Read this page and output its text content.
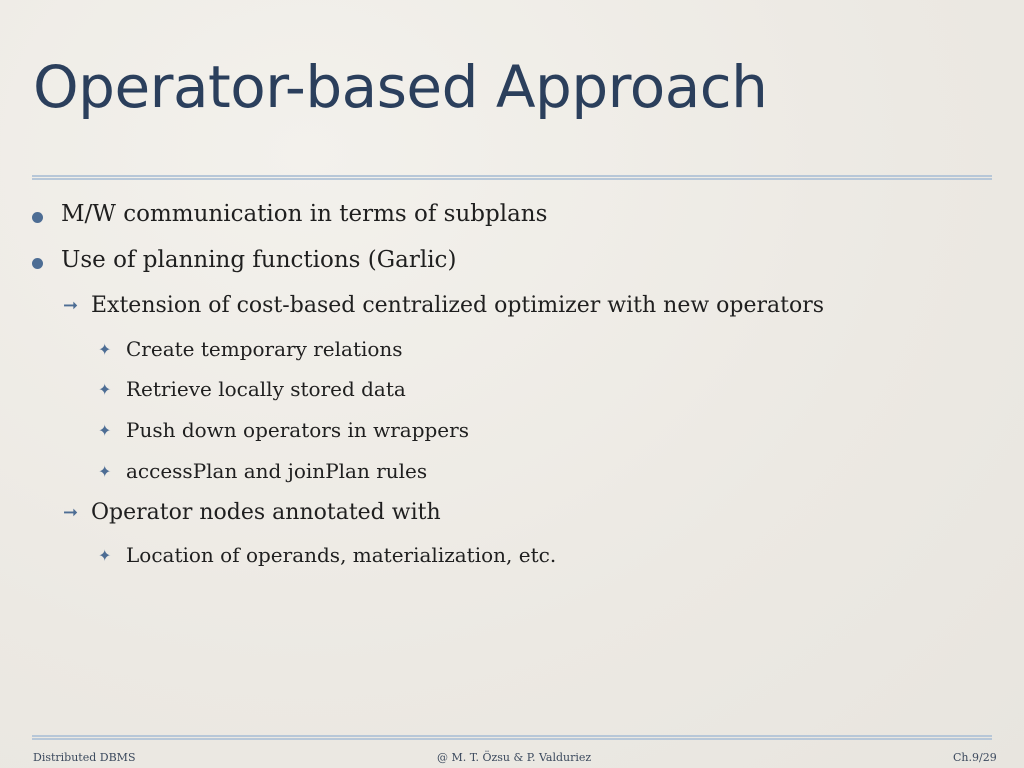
Operator-based Approach
M/W communication in terms of subplans
Use of planning functions (Garlic)
➞ Extension of cost-based centralized optimizer with new operators
✦ Create temporary relations
✦ Retrieve locally stored data
✦ Push down operators in wrappers
✦ accessPlan and joinPlan rules
➞ Operator nodes annotated with
✦ Location of operands, materialization, etc.
Distributed DBMS	@ M. T. Özsu & P. Valduriez	Ch.9/29
